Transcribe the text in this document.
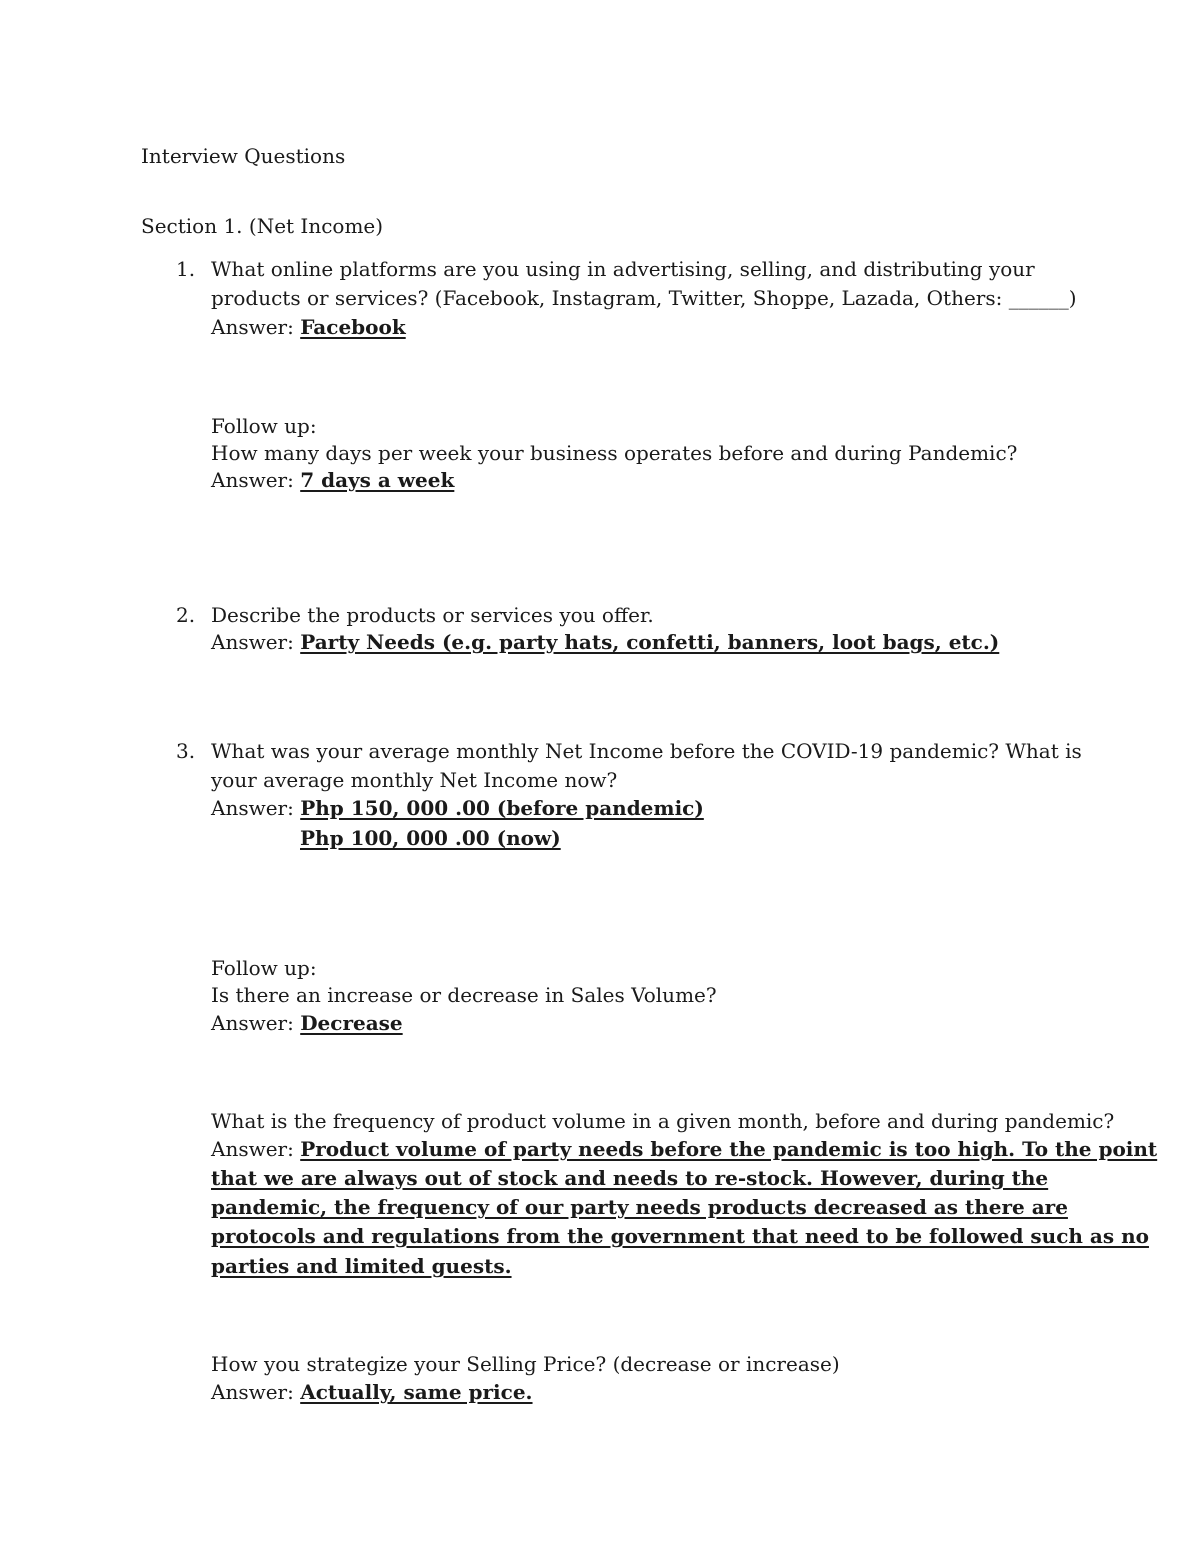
Interview Questions
Section 1. (Net Income)
1. What online platforms are you using in advertising, selling, and distributing your
products or services? (Facebook, Instagram, Twitter, Shoppe, Lazada, Others: ______)
Answer: Facebook
Follow up:
How many days per week your business operates before and during Pandemic?
Answer: 7 days a week
2. Describe the products or services you offer.
Answer: Party Needs (e.g. party hats, confetti, banners, loot bags, etc.)
3. What was your average monthly Net Income before the COVID-19 pandemic? What is
your average monthly Net Income now?
Answer: Php 150, 000 .00 (before pandemic)
Php 100, 000 .00 (now)
Follow up:
Is there an increase or decrease in Sales Volume?
Answer: Decrease
What is the frequency of product volume in a given month, before and during pandemic?
Answer: Product volume of party needs before the pandemic is too high. To the point
that we are always out of stock and needs to re-stock. However, during the
pandemic, the frequency of our party needs products decreased as there are
protocols and regulations from the government that need to be followed such as no
parties and limited guests.
How you strategize your Selling Price? (decrease or increase)
Answer: Actually, same price.
